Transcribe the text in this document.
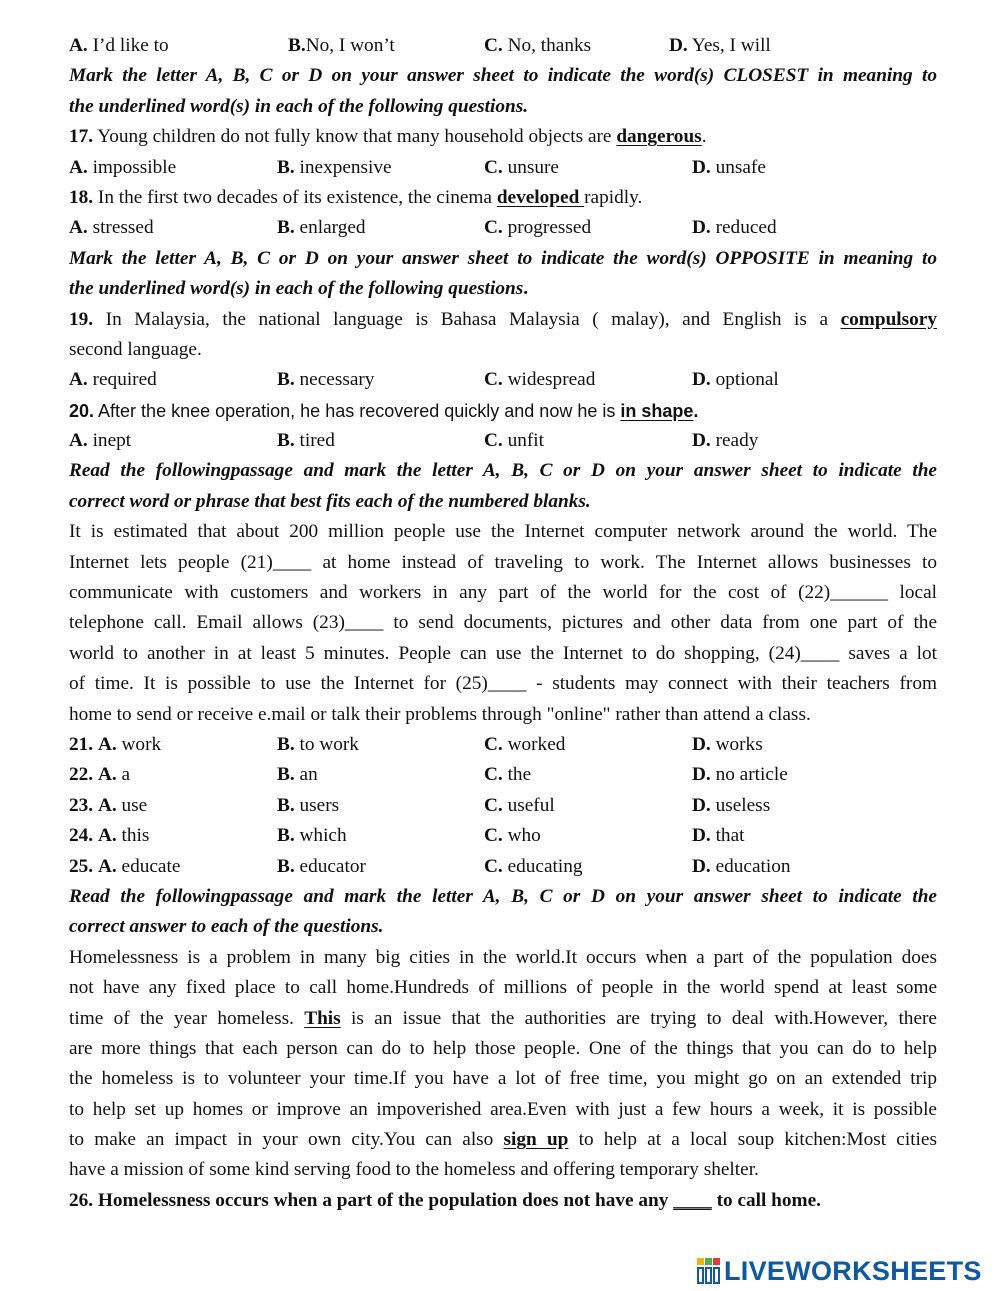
A. I’d like to	B.No, I won’t	C. No, thanks	D. Yes, I will
Mark the letter A, B, C or D on your answer sheet to indicate the word(s) CLOSEST in meaning to
the underlined word(s) in each of the following questions.
17. Young children do not fully know that many household objects are dangerous.
A. impossible	B. inexpensive	C. unsure	D. unsafe
18. In the first two decades of its existence, the cinema developed rapidly.
A. stressed	B. enlarged	C. progressed	D. reduced
Mark the letter A, B, C or D on your answer sheet to indicate the word(s) OPPOSITE in meaning to
the underlined word(s) in each of the following questions.
19. In Malaysia, the national language is Bahasa Malaysia ( malay), and English is a compulsory
second language.
A. required	B. necessary	C. widespread	D. optional
20. After the knee operation, he has recovered quickly and now he is in shape.
A. inept	B. tired	C. unfit	D. ready
Read the followingpassage and mark the letter A, B, C or D on your answer sheet to indicate the
correct word or phrase that best fits each of the numbered blanks.
It is estimated that about 200 million people use the Internet computer network around the world. The
Internet lets people (21)____ at home instead of traveling to work. The Internet allows businesses to
communicate with customers and workers in any part of the world for the cost of (22)______ local
telephone call. Email allows (23)____ to send documents, pictures and other data from one part of the
world to another in at least 5 minutes. People can use the Internet to do shopping, (24)____ saves a lot
of time. It is possible to use the Internet for (25)____ - students may connect with their teachers from
home to send or receive e.mail or talk their problems through "online" rather than attend a class.
21. A. work	B. to work	C. worked	D. works
22. A. a	B. an	C. the	D. no article
23. A. use	B. users	C. useful	D. useless
24. A. this	B. which	C. who	D. that
25. A. educate	B. educator	C. educating	D. education
Read the followingpassage and mark the letter A, B, C or D on your answer sheet to indicate the
correct answer to each of the questions.
Homelessness is a problem in many big cities in the world.It occurs when a part of the population does
not have any fixed place to call home.Hundreds of millions of people in the world spend at least some
time of the year homeless. This is an issue that the authorities are trying to deal with.However, there
are more things that each person can do to help those people. One of the things that you can do to help
the homeless is to volunteer your time.If you have a lot of free time, you might go on an extended trip
to help set up homes or improve an impoverished area.Even with just a few hours a week, it is possible
to make an impact in your own city.You can also sign up to help at a local soup kitchen:Most cities
have a mission of some kind serving food to the homeless and offering temporary shelter.
26. Homelessness occurs when a part of the population does not have any ____ to call home.
LIVEWORKSHEETS
